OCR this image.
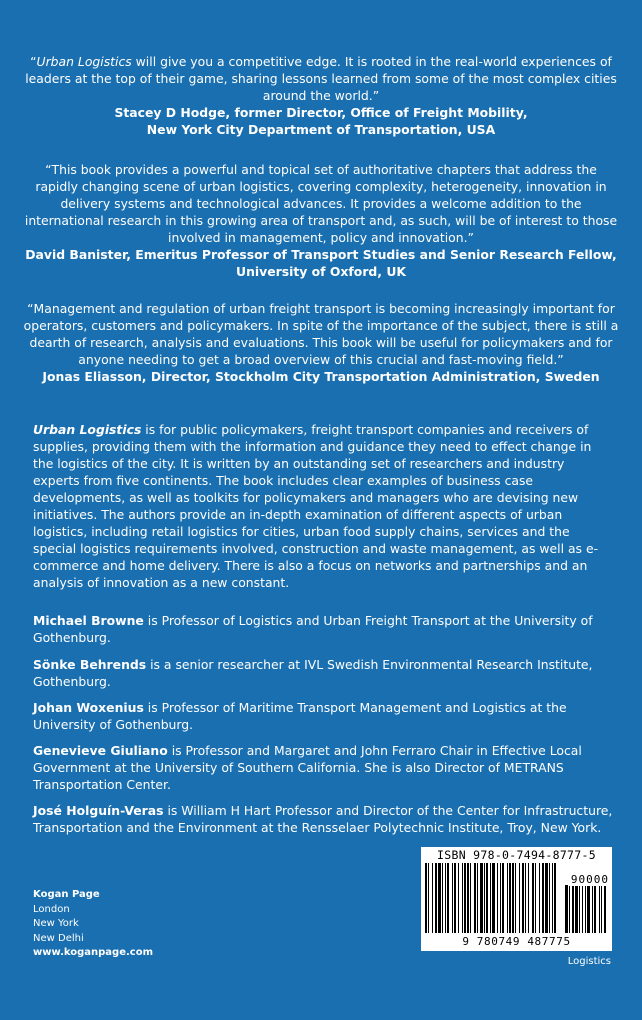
“Urban Logistics will give you a competitive edge. It is rooted in the real-world experiences of leaders at the top of their game, sharing lessons learned from some of the most complex cities around the world.”
Stacey D Hodge, former Director, Office of Freight Mobility,
New York City Department of Transportation, USA
“This book provides a powerful and topical set of authoritative chapters that address the rapidly changing scene of urban logistics, covering complexity, heterogeneity, innovation in delivery systems and technological advances. It provides a welcome addition to the international research in this growing area of transport and, as such, will be of interest to those involved in management, policy and innovation.”
David Banister, Emeritus Professor of Transport Studies and Senior Research Fellow,
University of Oxford, UK
“Management and regulation of urban freight transport is becoming increasingly important for operators, customers and policymakers. In spite of the importance of the subject, there is still a dearth of research, analysis and evaluations. This book will be useful for policymakers and for anyone needing to get a broad overview of this crucial and fast-moving field.”
Jonas Eliasson, Director, Stockholm City Transportation Administration, Sweden
Urban Logistics is for public policymakers, freight transport companies and receivers of supplies, providing them with the information and guidance they need to effect change in the logistics of the city. It is written by an outstanding set of researchers and industry experts from five continents. The book includes clear examples of business case developments, as well as toolkits for policymakers and managers who are devising new initiatives. The authors provide an in-depth examination of different aspects of urban logistics, including retail logistics for cities, urban food supply chains, services and the special logistics requirements involved, construction and waste management, as well as e-commerce and home delivery. There is also a focus on networks and partnerships and an analysis of innovation as a new constant.
Michael Browne is Professor of Logistics and Urban Freight Transport at the University of Gothenburg.
Sönke Behrends is a senior researcher at IVL Swedish Environmental Research Institute, Gothenburg.
Johan Woxenius is Professor of Maritime Transport Management and Logistics at the University of Gothenburg.
Genevieve Giuliano is Professor and Margaret and John Ferraro Chair in Effective Local Government at the University of Southern California. She is also Director of METRANS Transportation Center.
José Holguín-Veras is William H Hart Professor and Director of the Center for Infrastructure, Transportation and the Environment at the Rensselaer Polytechnic Institute, Troy, New York.
Kogan Page
London
New York
New Delhi
www.koganpage.com
ISBN 978-0-7494-8777-5
90000
9 780749 487775
Logistics
